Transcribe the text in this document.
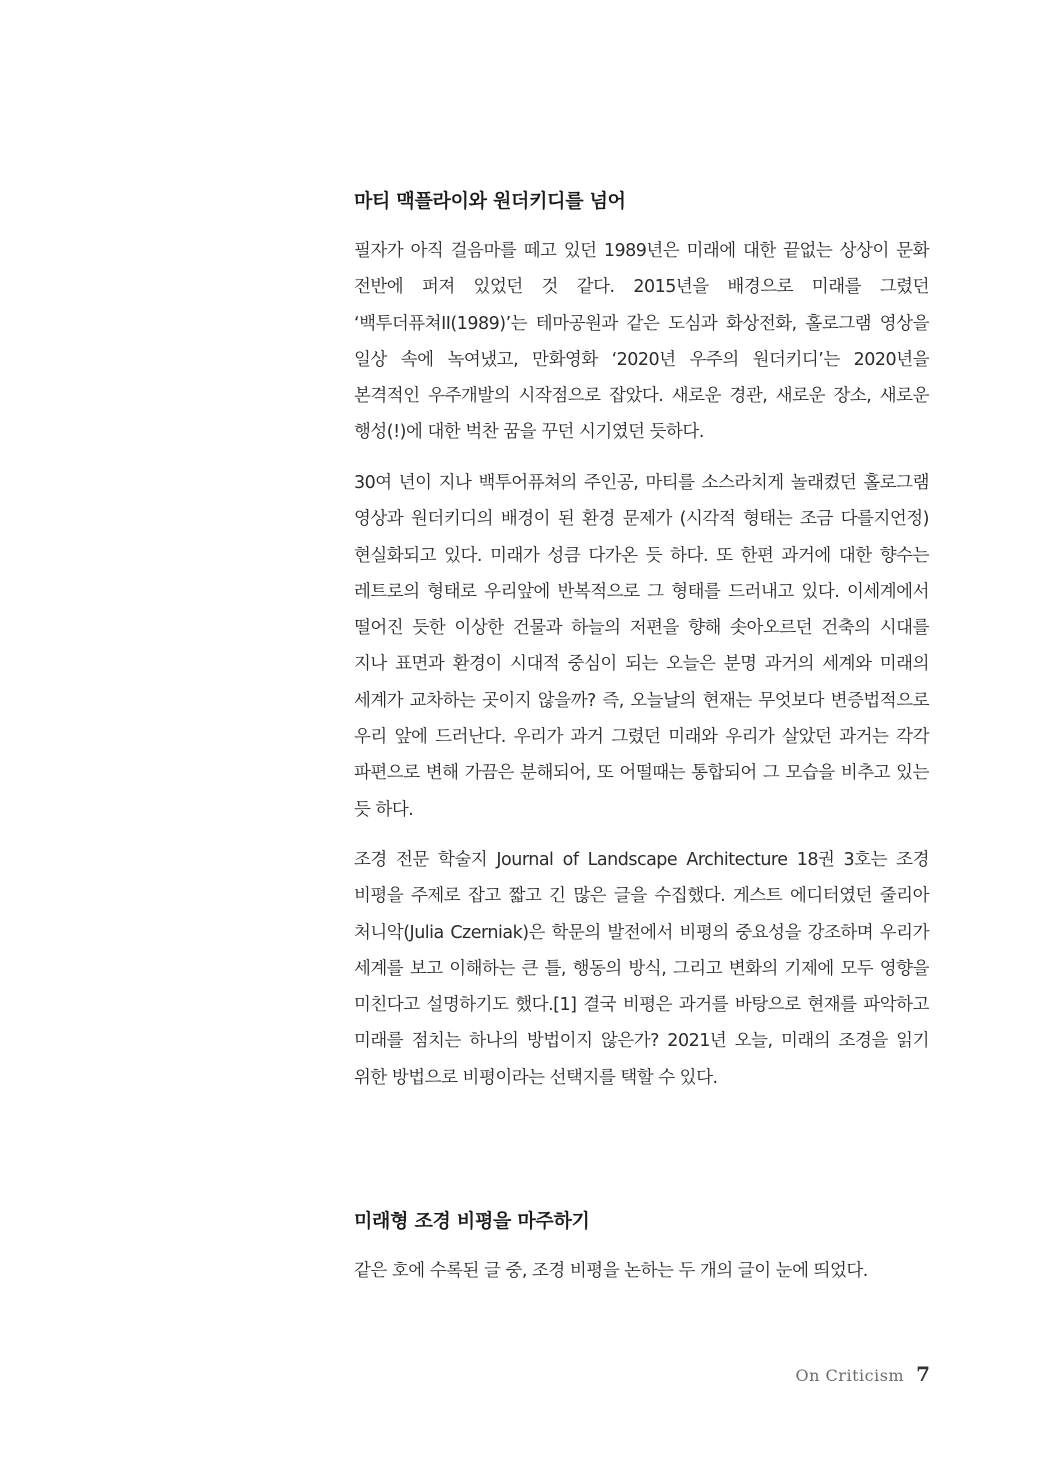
마티 맥플라이와 원더키디를 넘어

필자가 아직 걸음마를 떼고 있던 1989년은 미래에 대한 끝없는 상상이 문화 전반에 퍼져 있었던 것 같다. 2015년을 배경으로 미래를 그렸던 ‘백투더퓨쳐II(1989)’는 테마공원과 같은 도심과 화상전화, 홀로그램 영상을 일상 속에 녹여냈고, 만화영화 ‘2020년 우주의 원더키디’는 2020년을 본격적인 우주개발의 시작점으로 잡았다. 새로운 경관, 새로운 장소, 새로운 행성(!)에 대한 벅찬 꿈을 꾸던 시기였던 듯하다.

30여 년이 지나 백투어퓨쳐의 주인공, 마티를 소스라치게 놀래켰던 홀로그램 영상과 원더키디의 배경이 된 환경 문제가 (시각적 형태는 조금 다를지언정) 현실화되고 있다. 미래가 성큼 다가온 듯 하다. 또 한편 과거에 대한 향수는 레트로의 형태로 우리앞에 반복적으로 그 형태를 드러내고 있다. 이세계에서 떨어진 듯한 이상한 건물과 하늘의 저편을 향해 솟아오르던 건축의 시대를 지나 표면과 환경이 시대적 중심이 되는 오늘은 분명 과거의 세계와 미래의 세계가 교차하는 곳이지 않을까? 즉, 오늘날의 현재는 무엇보다 변증법적으로 우리 앞에 드러난다. 우리가 과거 그렸던 미래와 우리가 살았던 과거는 각각 파편으로 변해 가끔은 분해되어, 또 어떨때는 통합되어 그 모습을 비추고 있는 듯 하다.

조경 전문 학술지 Journal of Landscape Architecture 18권 3호는 조경 비평을 주제로 잡고 짧고 긴 많은 글을 수집했다. 게스트 에디터였던 줄리아 처니악(Julia Czerniak)은 학문의 발전에서 비평의 중요성을 강조하며 우리가 세계를 보고 이해하는 큰 틀, 행동의 방식, 그리고 변화의 기제에 모두 영향을 미친다고 설명하기도 했다.[1] 결국 비평은 과거를 바탕으로 현재를 파악하고 미래를 점치는 하나의 방법이지 않은가? 2021년 오늘, 미래의 조경을 읽기 위한 방법으로 비평이라는 선택지를 택할 수 있다.

미래형 조경 비평을 마주하기

같은 호에 수록된 글 중, 조경 비평을 논하는 두 개의 글이 눈에 띄었다.

On Criticism 7
